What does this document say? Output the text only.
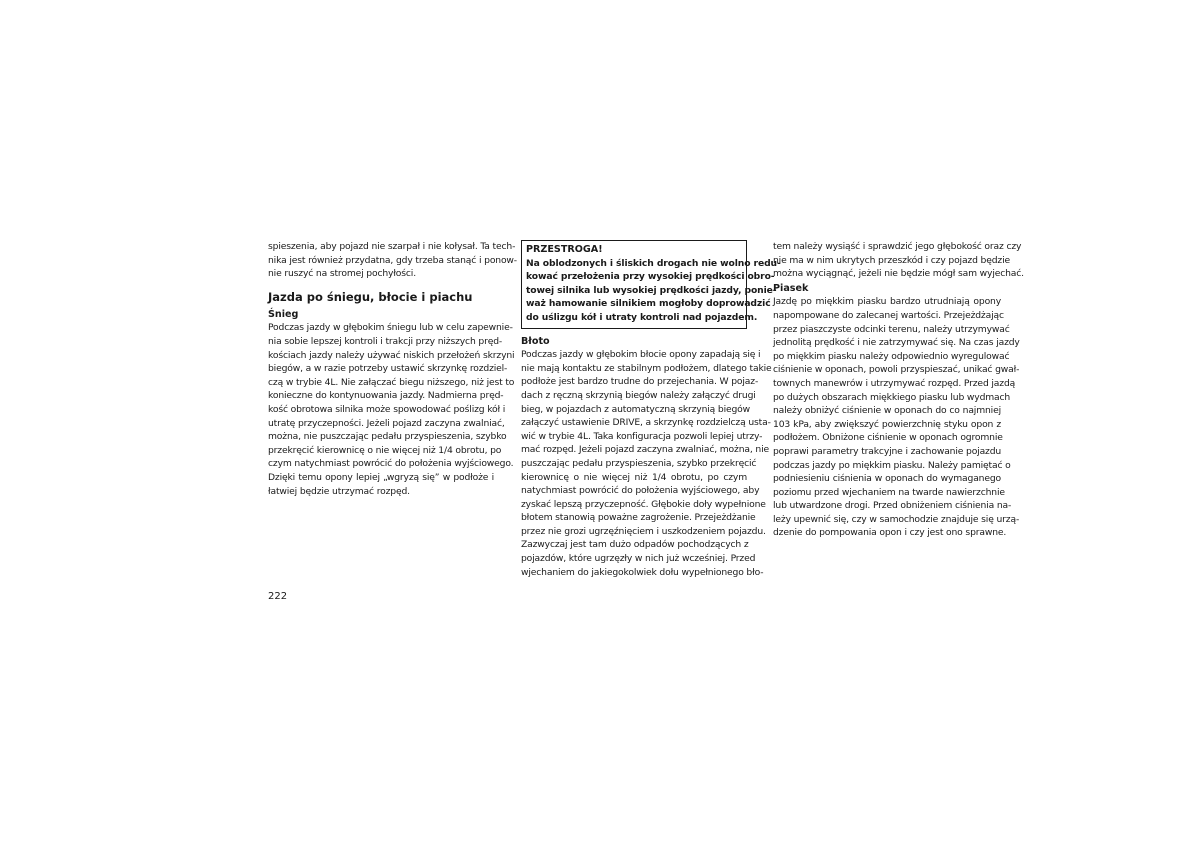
spieszenia, aby pojazd nie szarpał i nie kołysał. Ta tech-
nika jest również przydatna, gdy trzeba stanąć i ponow-
nie ruszyć na stromej pochyłości.
Jazda po śniegu, błocie i piachu
Śnieg
Podczas jazdy w głębokim śniegu lub w celu zapewnie-
nia sobie lepszej kontroli i trakcji przy niższych pręd-
kościach jazdy należy używać niskich przełożeń skrzyni
biegów, a w razie potrzeby ustawić skrzynkę rozdziel-
czą w trybie 4L. Nie załączać biegu niższego, niż jest to
konieczne do kontynuowania jazdy. Nadmierna pręd-
kość obrotowa silnika może spowodować poślizg kół i
utratę przyczepności. Jeżeli pojazd zaczyna zwalniać,
można, nie puszczając pedału przyspieszenia, szybko
przekręcić kierownicę o nie więcej niż 1/4 obrotu, po
czym natychmiast powrócić do położenia wyjściowego.
Dzięki temu opony lepiej „wgryzą się” w podłoże i
łatwiej będzie utrzymać rozpęd.
PRZESTROGA!
Na oblodzonych i śliskich drogach nie wolno redu-
kować przełożenia przy wysokiej prędkości obro-
towej silnika lub wysokiej prędkości jazdy, ponie-
waż hamowanie silnikiem mogłoby doprowadzić
do uślizgu kół i utraty kontroli nad pojazdem.
Błoto
Podczas jazdy w głębokim błocie opony zapadają się i
nie mają kontaktu ze stabilnym podłożem, dlatego takie
podłoże jest bardzo trudne do przejechania. W pojaz-
dach z ręczną skrzynią biegów należy załączyć drugi
bieg, w pojazdach z automatyczną skrzynią biegów
załączyć ustawienie DRIVE, a skrzynkę rozdzielczą usta-
wić w trybie 4L. Taka konfiguracja pozwoli lepiej utrzy-
mać rozpęd. Jeżeli pojazd zaczyna zwalniać, można, nie
puszczając pedału przyspieszenia, szybko przekręcić
kierownicę o nie więcej niż 1/4 obrotu, po czym
natychmiast powrócić do położenia wyjściowego, aby
zyskać lepszą przyczepność. Głębokie doły wypełnione
błotem stanowią poważne zagrożenie. Przejeżdżanie
przez nie grozi ugrzęźnięciem i uszkodzeniem pojazdu.
Zazwyczaj jest tam dużo odpadów pochodzących z
pojazdów, które ugrzęzły w nich już wcześniej. Przed
wjechaniem do jakiegokolwiek dołu wypełnionego bło-
tem należy wysiąść i sprawdzić jego głębokość oraz czy
nie ma w nim ukrytych przeszkód i czy pojazd będzie
można wyciągnąć, jeżeli nie będzie mógł sam wyjechać.
Piasek
Jazdę po miękkim piasku bardzo utrudniają opony
napompowane do zalecanej wartości. Przejeżdżając
przez piaszczyste odcinki terenu, należy utrzymywać
jednolitą prędkość i nie zatrzymywać się. Na czas jazdy
po miękkim piasku należy odpowiednio wyregulować
ciśnienie w oponach, powoli przyspieszać, unikać gwał-
townych manewrów i utrzymywać rozpęd. Przed jazdą
po dużych obszarach miękkiego piasku lub wydmach
należy obniżyć ciśnienie w oponach do co najmniej
103 kPa, aby zwiększyć powierzchnię styku opon z
podłożem. Obniżone ciśnienie w oponach ogromnie
poprawi parametry trakcyjne i zachowanie pojazdu
podczas jazdy po miękkim piasku. Należy pamiętać o
podniesieniu ciśnienia w oponach do wymaganego
poziomu przed wjechaniem na twarde nawierzchnie
lub utwardzone drogi. Przed obniżeniem ciśnienia na-
leży upewnić się, czy w samochodzie znajduje się urzą-
dzenie do pompowania opon i czy jest ono sprawne.
222
